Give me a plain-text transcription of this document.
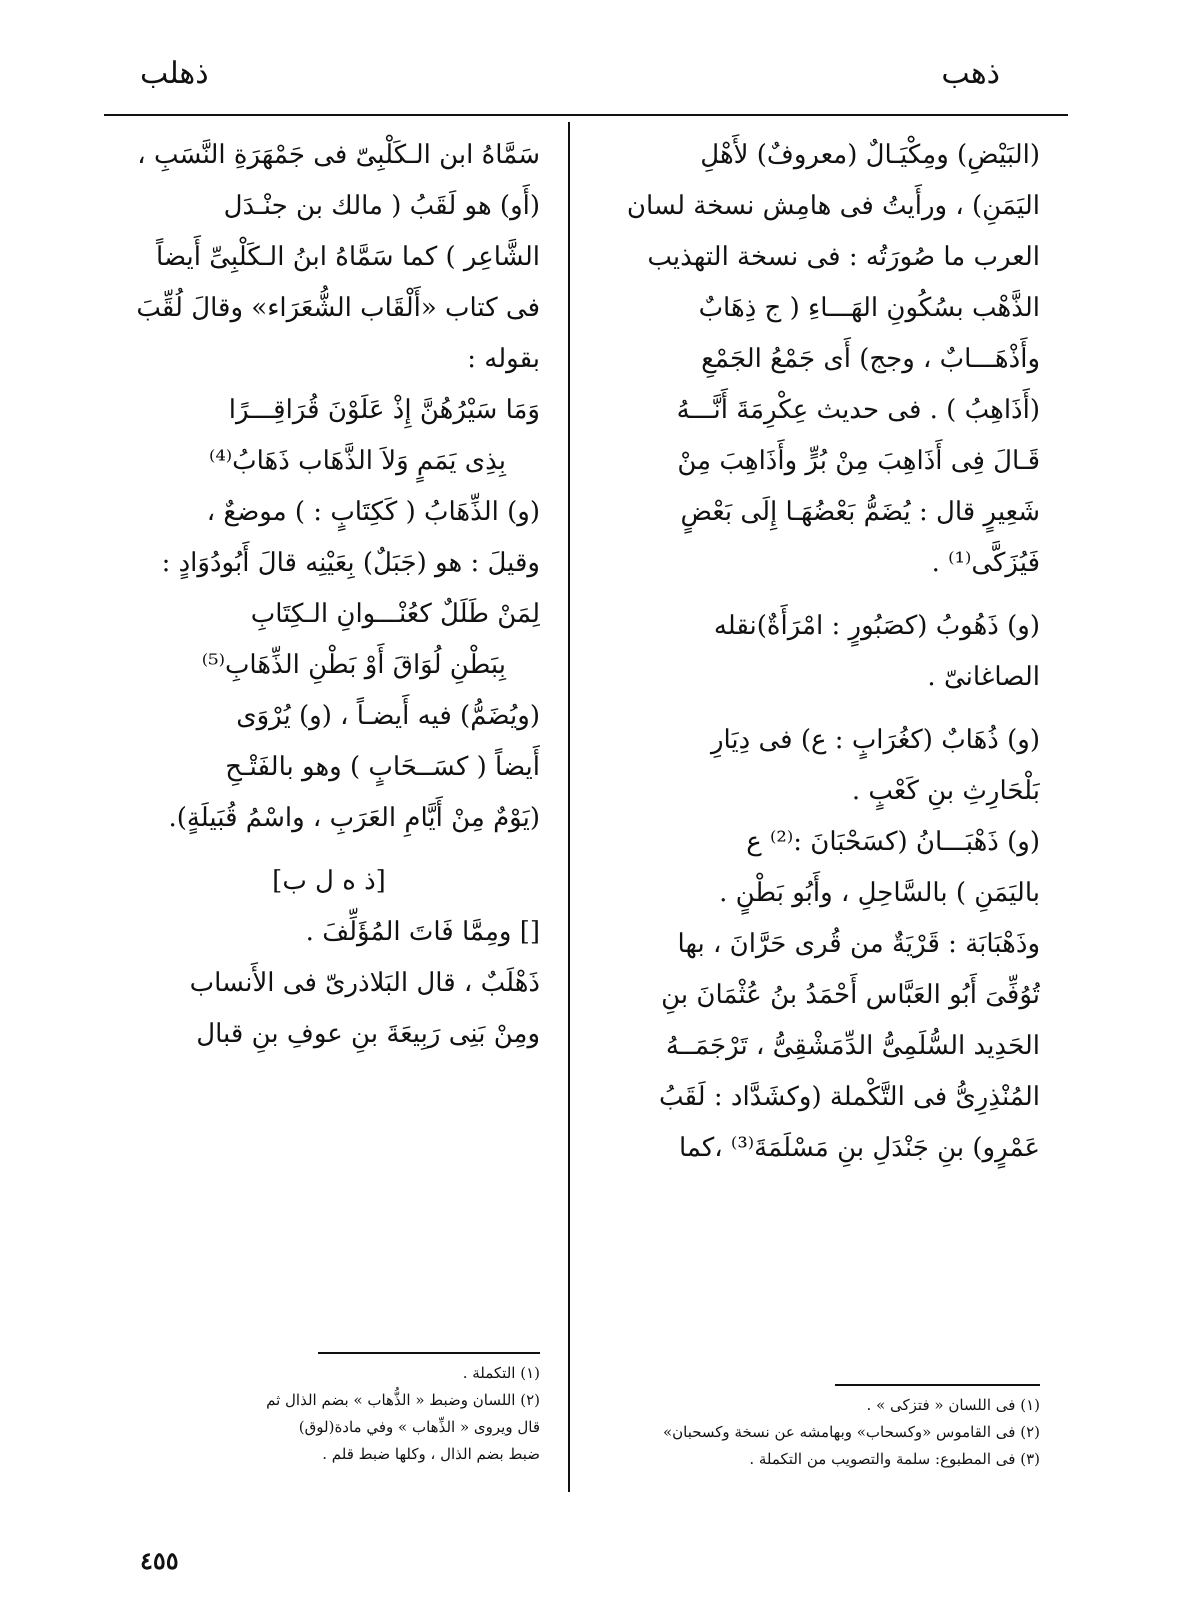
ذهب
ذهلب
(البَيْضِ) ومِكْيَـالٌ (معروفٌ) لأَهْلِ
اليَمَنِ) ، ورأَيتُ فى هامِش نسخة لسان
العرب ما صُورَتُه : فى نسخة التهذيب
الذَّهْب بسُكُونِ الهَـــاءِ ( ج ذِهَابٌ
وأَذْهَـــابٌ ، وجج) أَى جَمْعُ الجَمْعِ
(أَذَاهِبُ ) . فى حديث عِكْرِمَةَ أَنَّـــهُ
قَـالَ فِى أَذَاهِبَ مِنْ بُرٍّ وأَذَاهِبَ مِنْ
شَعِيرٍ قال : يُضَمُّ بَعْضُهَـا إِلَى بَعْضٍ
فَيُزَكَّى⁽¹⁾ .
(و) ذَهُوبُ (كصَبُورٍ : امْرَأَةٌ)نقله
الصاغانىّ .
(و) ذُهَابٌ (كغُرَابٍ : ع) فى دِيَارِ
بَلْحَارِثِ بنِ كَعْبٍ .
(و) ذَهْبَـــانُ (كسَحْبَانَ :⁽²⁾ ع
باليَمَنِ ) بالسَّاحِلِ ، وأَبُو بَطْنٍ .
وذَهْبَابَة : قَرْيَةٌ من قُرى حَرَّانَ ، بها
تُوُفِّىَ أَبُو العَبَّاس أَحْمَدُ بنُ عُثْمَانَ بنِ
الحَدِيد السُّلَمِىُّ الدِّمَشْقِىُّ ، تَرْجَمَــهُ
المُنْذِرِىُّ فى التَّكْملة (وكشَدَّاد : لَقَبُ
عَمْرٍو) بنِ جَنْدَلِ بنِ مَسْلَمَةَ⁽³⁾ ،كما
سَمَّاهُ ابن الـكَلْبِىّ فى جَمْهَرَةِ النَّسَبِ ،
(أَو) هو لَقَبُ ( مالك بن جنْـدَل
الشَّاعِر ) كما سَمَّاهُ ابنُ الـكَلْبِىِّ أَيضاً
فى كتاب «أَلْقَاب الشُّعَرَاء» وقالَ لُقِّبَ
بقوله :
وَمَا سَيْرُهُنَّ إِذْ عَلَوْنَ قُرَاقِـــرًا
بِذِى يَمَمٍ وَلاَ الذَّهَاب ذَهَابُ⁽⁴⁾
(و) الذِّهَابُ ( كَكِتَابٍ : ) موضعٌ ،
وقيلَ : هو (جَبَلٌ) بِعَيْنِه قالَ أَبُودُوَادٍ :
لِمَنْ طَلَلٌ كعُنْـــوانِ الـكِتَابِ
بِبَطْنِ لُوَاقَ أَوْ بَطْنِ الذِّهَابِ⁽⁵⁾
(ويُضَمُّ) فيه أَيضـاً ، (و) يُرْوَى
أَيضاً ( كسَــحَابٍ ) وهو بالفَتْـحِ
(يَوْمٌ مِنْ أَيَّامِ العَرَبِ ، واسْمُ قُبَيلَةٍ).
[ذ ه ل ب]
[] ومِمَّا فَاتَ المُؤَلِّفَ .
ذَهْلَبٌ ، قال البَلاذرىّ فى الأَنساب
ومِنْ بَنِى رَبِيعَةَ بنِ عوفِ بنِ قبال
(١) فى اللسان « فتزكى » .
(٢) فى القاموس «وكسحاب» وبهامشه عن نسخة وكسحبان»
(٣) فى المطبوع: سلمة والتصويب من التكملة .
(١) التكملة .
(٢) اللسان وضبط « الذُّهاب » بضم الذال ثم
قال ويروى « الذِّهاب » وفي مادة(لوق)
ضبط بضم الذال ، وكلها ضبط قلم .
٤٥٥
